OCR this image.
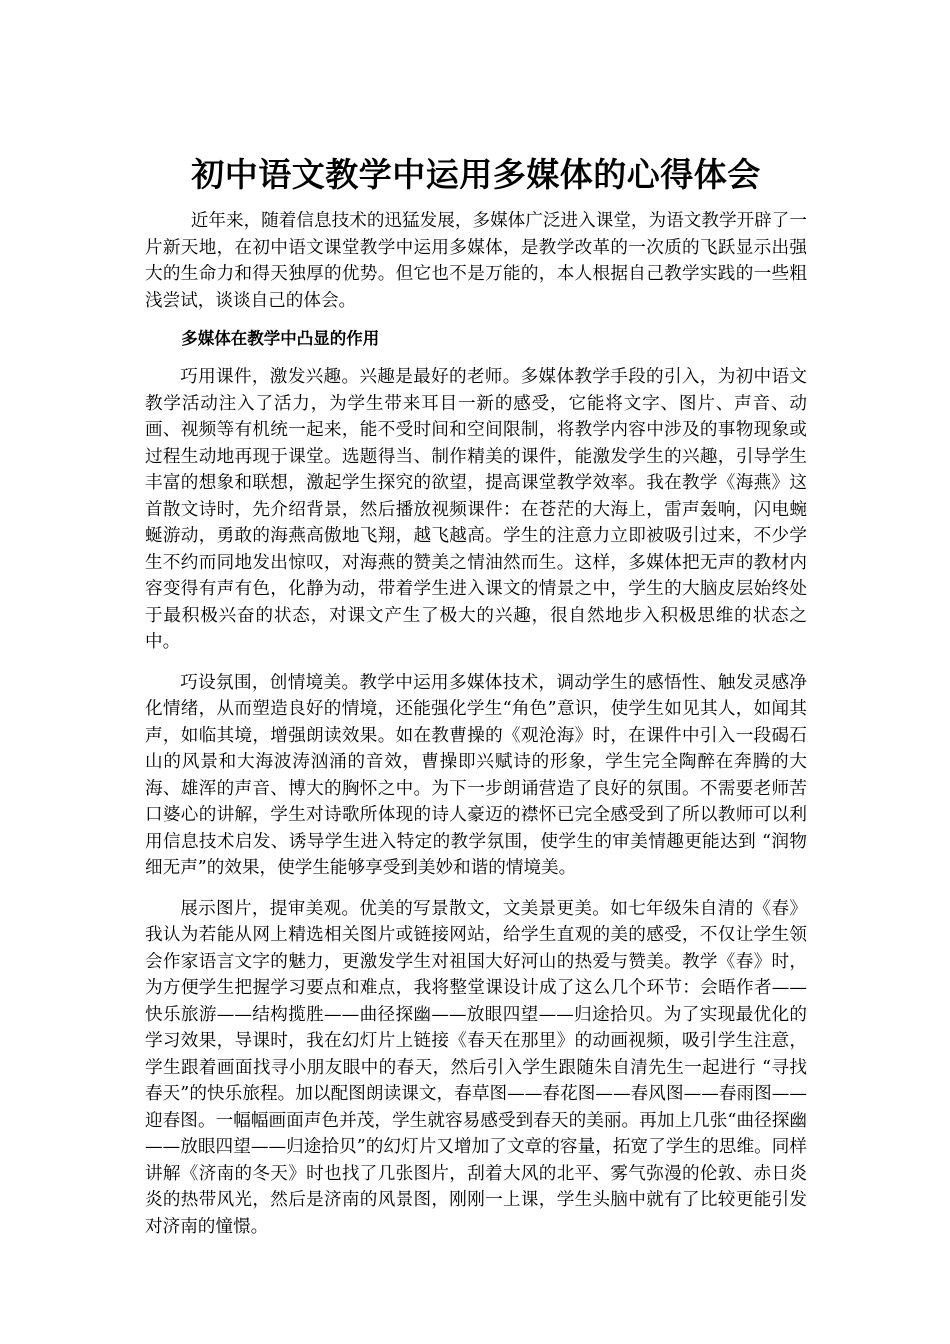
初中语文教学中运用多媒体的心得体会

近年来，随着信息技术的迅猛发展，多媒体广泛进入课堂，为语文教学开辟了一片新天地，在初中语文课堂教学中运用多媒体，是教学改革的一次质的飞跃显示出强大的生命力和得天独厚的优势。但它也不是万能的，本人根据自己教学实践的一些粗浅尝试，谈谈自己的体会。

多媒体在教学中凸显的作用

巧用课件，激发兴趣。兴趣是最好的老师。多媒体教学手段的引入，为初中语文教学活动注入了活力，为学生带来耳目一新的感受，它能将文字、图片、声音、动画、视频等有机统一起来，能不受时间和空间限制，将教学内容中涉及的事物现象或过程生动地再现于课堂。选题得当、制作精美的课件，能激发学生的兴趣，引导学生丰富的想象和联想，激起学生探究的欲望，提高课堂教学效率。我在教学《海燕》这首散文诗时，先介绍背景，然后播放视频课件：在苍茫的大海上，雷声轰响，闪电蜿蜒游动，勇敢的海燕高傲地飞翔，越飞越高。学生的注意力立即被吸引过来，不少学生不约而同地发出惊叹，对海燕的赞美之情油然而生。这样，多媒体把无声的教材内容变得有声有色，化静为动，带着学生进入课文的情景之中，学生的大脑皮层始终处于最积极兴奋的状态，对课文产生了极大的兴趣，很自然地步入积极思维的状态之中。

巧设氛围，创情境美。教学中运用多媒体技术，调动学生的感悟性、触发灵感净化情绪，从而塑造良好的情境，还能强化学生“角色”意识，使学生如见其人，如闻其声，如临其境，增强朗读效果。如在教曹操的《观沧海》时，在课件中引入一段碣石山的风景和大海波涛汹涌的音效，曹操即兴赋诗的形象，学生完全陶醉在奔腾的大海、雄浑的声音、博大的胸怀之中。为下一步朗诵营造了良好的氛围。不需要老师苦口婆心的讲解，学生对诗歌所体现的诗人豪迈的襟怀已完全感受到了所以教师可以利用信息技术启发、诱导学生进入特定的教学氛围，使学生的审美情趣更能达到 “润物细无声”的效果，使学生能够享受到美妙和谐的情境美。

展示图片，提审美观。优美的写景散文，文美景更美。如七年级朱自清的《春》我认为若能从网上精选相关图片或链接网站，给学生直观的美的感受，不仅让学生领会作家语言文字的魅力，更激发学生对祖国大好河山的热爱与赞美。教学《春》时，为方便学生把握学习要点和难点，我将整堂课设计成了这么几个环节：会晤作者——快乐旅游——结构揽胜——曲径探幽——放眼四望——归途拾贝。为了实现最优化的学习效果，导课时，我在幻灯片上链接《春天在那里》的动画视频，吸引学生注意，学生跟着画面找寻小朋友眼中的春天，然后引入学生跟随朱自清先生一起进行 “寻找春天”的快乐旅程。加以配图朗读课文，春草图——春花图——春风图——春雨图——迎春图。一幅幅画面声色并茂，学生就容易感受到春天的美丽。再加上几张“曲径探幽——放眼四望——归途拾贝”的幻灯片又增加了文章的容量，拓宽了学生的思维。同样讲解《济南的冬天》时也找了几张图片，刮着大风的北平、雾气弥漫的伦敦、赤日炎炎的热带风光，然后是济南的风景图，刚刚一上课，学生头脑中就有了比较更能引发对济南的憧憬。
